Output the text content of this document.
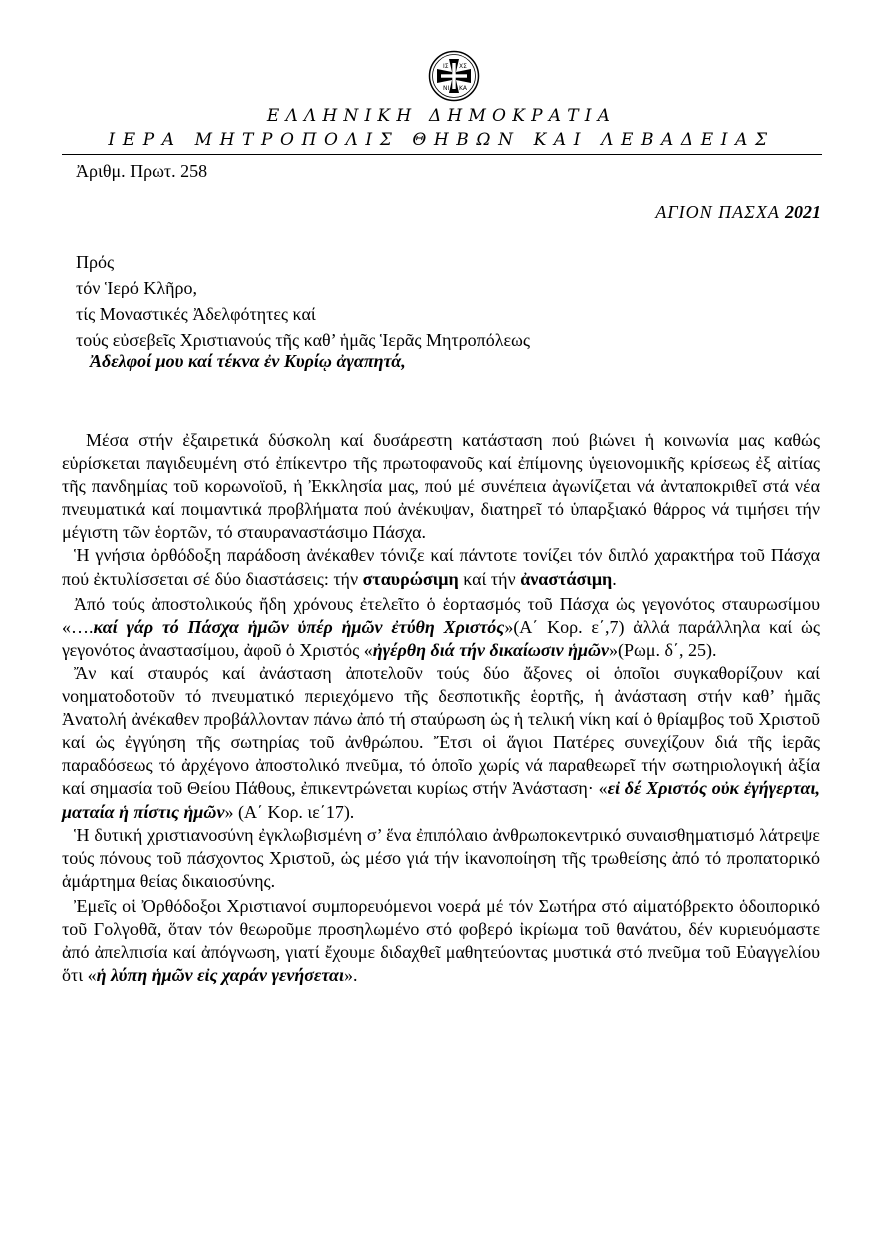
ΙΣ ΧΣ
ΝΙ ΚΑ
ΕΛΛΗΝΙΚΗ ΔΗΜΟΚΡΑΤΙΑ
ΙΕΡΑ ΜΗΤΡΟΠΟΛΙΣ ΘΗΒΩΝ ΚΑΙ ΛΕΒΑΔΕΙΑΣ
Ἀριθμ. Πρωτ. 258
ΑΓΙΟΝ ΠΑΣΧΑ 2021
Πρός
τόν Ἱερό Κλῆρο,
τίς Μοναστικές Ἀδελφότητες καί
τούς εὐσεβεῖς Χριστιανούς τῆς καθ’ ἡμᾶς Ἱερᾶς Μητροπόλεως
Ἀδελφοί μου καί τέκνα ἐν Κυρίῳ ἀγαπητά,

Μέσα στήν ἐξαιρετικά δύσκολη καί δυσάρεστη κατάσταση πού βιώνει ἡ κοινωνία μας καθώς εὑρίσκεται παγιδευμένη στό ἐπίκεντρο τῆς πρωτοφανοῦς καί ἐπίμονης ὑγειονομικῆς κρίσεως ἐξ αἰτίας τῆς πανδημίας τοῦ κορωνοϊοῦ, ἡ Ἐκκλησία μας, πού μέ συνέπεια ἀγωνίζεται νά ἀνταποκριθεῖ στά νέα πνευματικά καί ποιμαντικά προβλήματα πού ἀνέκυψαν, διατηρεῖ τό ὑπαρξιακό θάρρος νά τιμήσει τήν μέγιστη τῶν ἑορτῶν, τό σταυραναστάσιμο Πάσχα.

Ἡ γνήσια ὀρθόδοξη παράδοση ἀνέκαθεν τόνιζε καί πάντοτε τονίζει τόν διπλό χαρακτήρα τοῦ Πάσχα πού ἐκτυλίσσεται σέ δύο διαστάσεις: τήν σταυρώσιμη καί τήν ἀναστάσιμη.

Ἀπό τούς ἀποστολικούς ἤδη χρόνους ἐτελεῖτο ὁ ἑορτασμός τοῦ Πάσχα ὡς γεγονότος σταυρωσίμου «….καί γάρ τό Πάσχα ἡμῶν ὑπέρ ἡμῶν ἐτύθη Χριστός»(Α΄ Κορ. ε΄,7) ἀλλά παράλληλα καί ὡς γεγονότος ἀναστασίμου, ἀφοῦ ὁ Χριστός «ἠγέρθη διά τήν δικαίωσιν ἡμῶν»(Ρωμ. δ΄, 25).

Ἄν καί σταυρός καί ἀνάσταση ἀποτελοῦν τούς δύο ἄξονες οἱ ὁποῖοι συγκαθορίζουν καί νοηματοδοτοῦν τό πνευματικό περιεχόμενο τῆς δεσποτικῆς ἑορτῆς, ἡ ἀνάσταση στήν καθ’ ἡμᾶς Ἀνατολή ἀνέκαθεν προβάλλονταν πάνω ἀπό τή σταύρωση ὡς ἡ τελική νίκη καί ὁ θρίαμβος τοῦ Χριστοῦ καί ὡς ἐγγύηση τῆς σωτηρίας τοῦ ἀνθρώπου. Ἔτσι οἱ ἅγιοι Πατέρες συνεχίζουν διά τῆς ἱερᾶς παραδόσεως τό ἀρχέγονο ἀποστολικό πνεῦμα, τό ὁποῖο χωρίς νά παραθεωρεῖ τήν σωτηριολογική ἀξία καί σημασία τοῦ Θείου Πάθους, ἐπικεντρώνεται κυρίως στήν Ἀνάσταση· «εἰ δέ Χριστός οὐκ ἐγήγερται, ματαία ἡ πίστις ἡμῶν» (Α΄ Κορ. ιε΄17).

Ἡ δυτική χριστιανοσύνη ἐγκλωβισμένη σ’ ἕνα ἐπιπόλαιο ἀνθρωποκεντρικό συναισθηματισμό λάτρεψε τούς πόνους τοῦ πάσχοντος Χριστοῦ, ὡς μέσο γιά τήν ἱκανοποίηση τῆς τρωθείσης ἀπό τό προπατορικό ἁμάρτημα θείας δικαιοσύνης.

Ἐμεῖς οἱ Ὀρθόδοξοι Χριστιανοί συμπορευόμενοι νοερά μέ τόν Σωτήρα στό αἱματόβρεκτο ὁδοιπορικό τοῦ Γολγοθᾶ, ὅταν τόν θεωροῦμε προσηλωμένο στό φοβερό ἰκρίωμα τοῦ θανάτου, δέν κυριευόμαστε ἀπό ἀπελπισία καί ἀπόγνωση, γιατί ἔχουμε διδαχθεῖ μαθητεύοντας μυστικά στό πνεῦμα τοῦ Εὐαγγελίου ὅτι «ἡ λύπη ἡμῶν εἰς χαράν γενήσεται».
